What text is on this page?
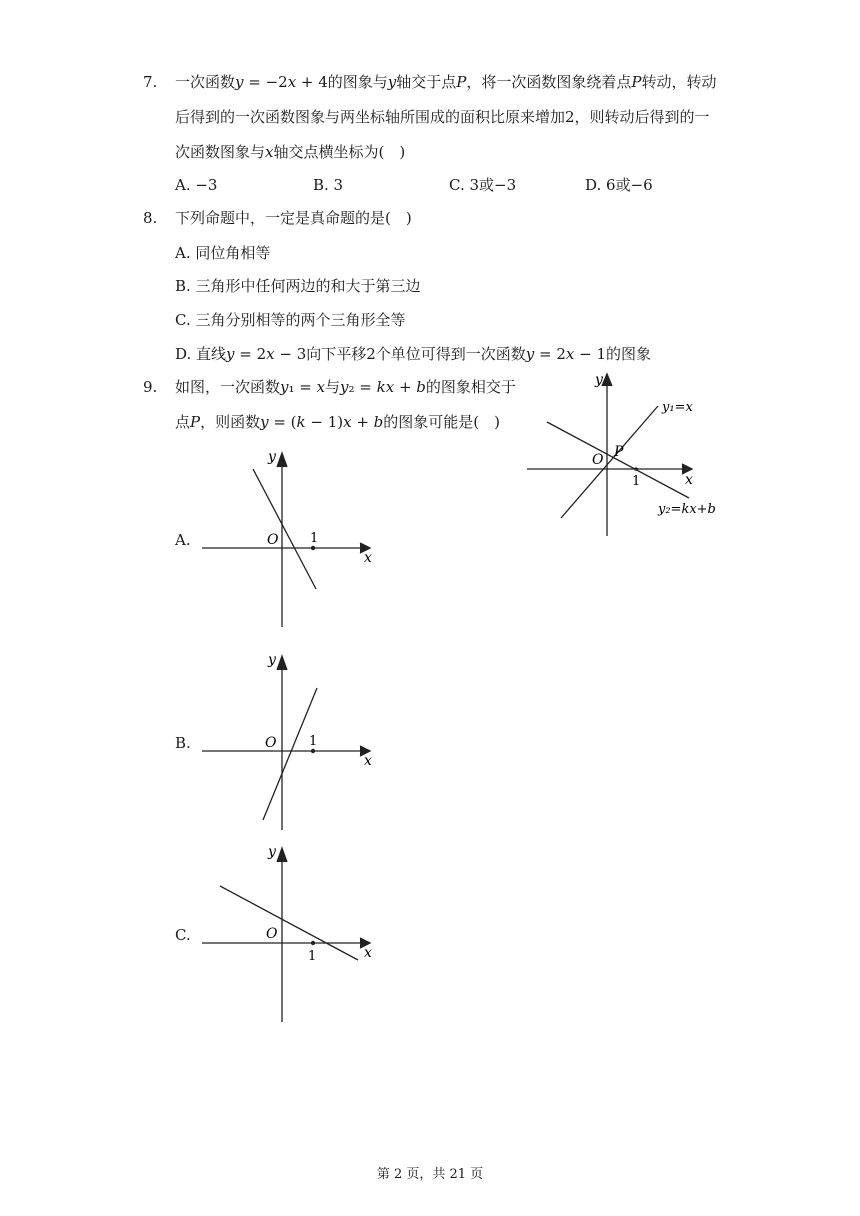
7. 一次函数𝑦 = −2𝑥 + 4的图象与𝑦轴交于点𝑃，将一次函数图象绕着点𝑃转动，转动
后得到的一次函数图象与两坐标轴所围成的面积比原来增加2，则转动后得到的一
次函数图象与𝑥轴交点横坐标为(　)
A. −3	B. 3	C. 3或−3	D. 6或−6
8. 下列命题中，一定是真命题的是(　)
A. 同位角相等
B. 三角形中任何两边的和大于第三边
C. 三角分别相等的两个三角形全等
D. 直线𝑦 = 2𝑥 − 3向下平移2个单位可得到一次函数𝑦 = 2𝑥 − 1的图象
9. 如图，一次函数𝑦₁ = 𝑥与𝑦₂ = 𝑘𝑥 + 𝑏的图象相交于
点𝑃，则函数𝑦 = (𝑘 − 1)𝑥 + 𝑏的图象可能是(　)
y
x
O P
1
y₁=x
y₂=kx+b
A.
y
x
O 1
B.
y
x
O	1
C.
y
x
O
1
第 2 页，共 21 页
